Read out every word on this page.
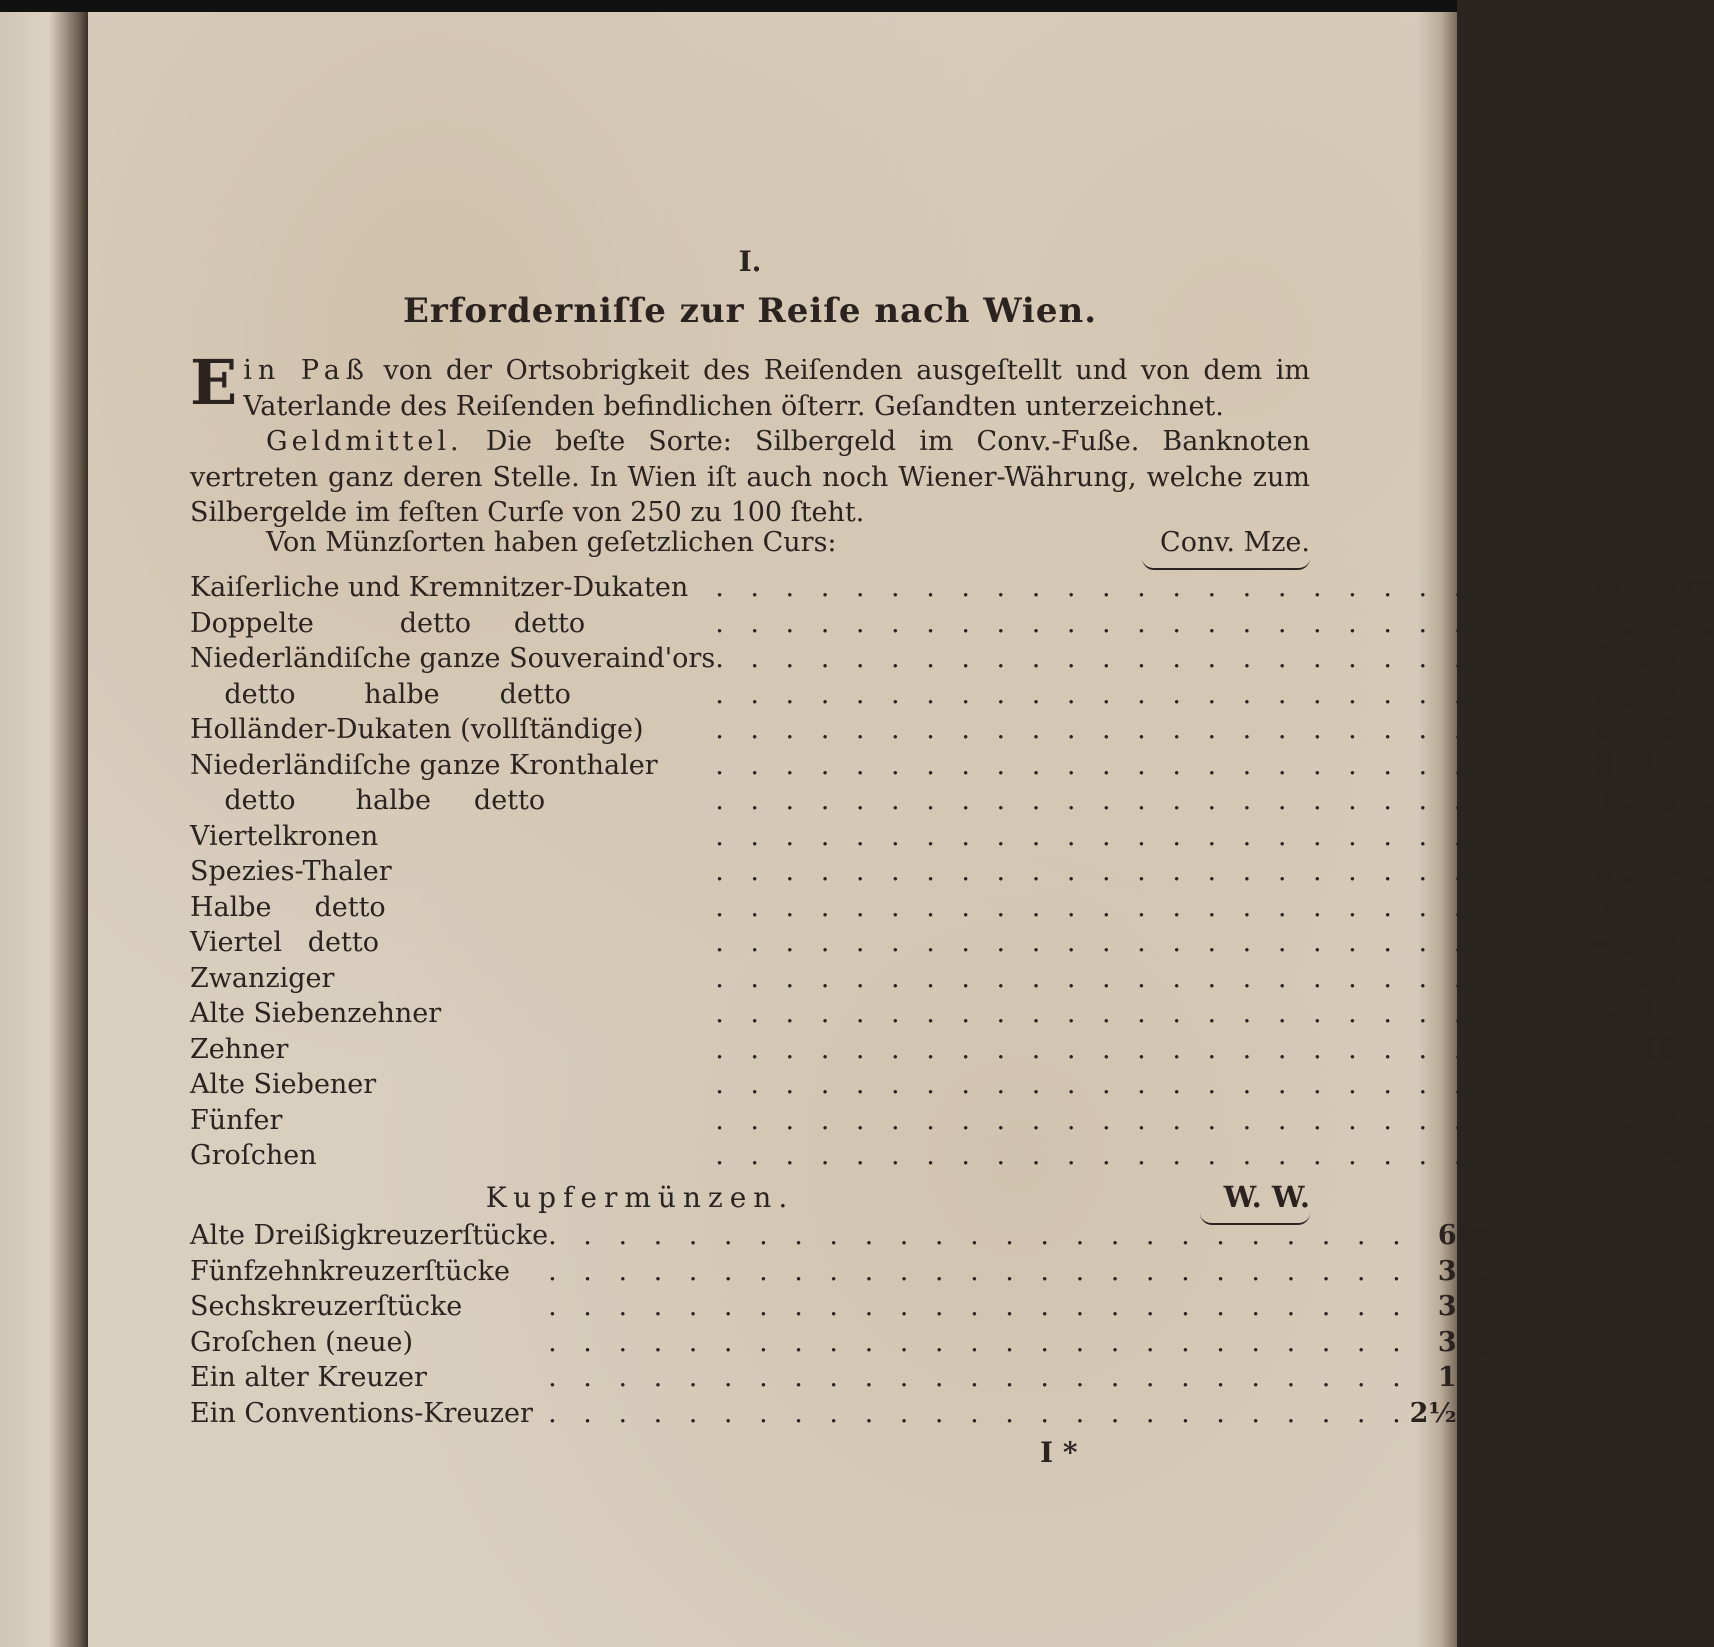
I.
Erforderniſſe zur Reiſe nach Wien.
Ein Paß von der Ortsobrigkeit des Reiſenden ausgeſtellt und von dem im Vaterlande des Reiſenden befindlichen öſterr. Geſandten unterzeichnet.
Geldmittel. Die beſte Sorte: Silbergeld im Conv.-Fuße. Banknoten vertreten ganz deren Stelle. In Wien iſt auch noch Wiener-Währung, welche zum Silbergelde im feſten Curſe von 250 zu 100 ſteht.
Von Münzſorten haben geſetzlichen Curs:	Conv. Mze.
Kaiſerliche und Kremnitzer-Dukaten	. . . . . . . . . . . . . . . . . . . . . . . . .	4	ſl.	30	kr.
Doppelte          detto     detto	. . . . . . . . . . . . . . . . . . . . . . . . .	9	„	—	„
Niederländiſche ganze Souveraind'ors	. . . . . . . . . . . . . . . . . . . . . . . . .	13	„	20	„
detto        halbe       detto	. . . . . . . . . . . . . . . . . . . . . . . . .	6	„	40	„
Holländer-Dukaten (vollſtändige)	. . . . . . . . . . . . . . . . . . . . . . . . .	4	„	30	„
Niederländiſche ganze Kronthaler	. . . . . . . . . . . . . . . . . . . . . . . . .	2	„	12	„
detto       halbe     detto	. . . . . . . . . . . . . . . . . . . . . . . . .	1	„	6	„
Viertelkronen	. . . . . . . . . . . . . . . . . . . . . . . . .	—	„	33	„
Spezies-Thaler	. . . . . . . . . . . . . . . . . . . . . . . . .	2	„	—	„
Halbe     detto	. . . . . . . . . . . . . . . . . . . . . . . . .	1	„	—	„
Viertel   detto	. . . . . . . . . . . . . . . . . . . . . . . . .	—	„	30	„
Zwanziger	. . . . . . . . . . . . . . . . . . . . . . . . .	—	„	20	„
Alte Siebenzehner	. . . . . . . . . . . . . . . . . . . . . . . . .	—	„	15	„
Zehner	. . . . . . . . . . . . . . . . . . . . . . . . .	—	„	10	„
Alte Siebener	. . . . . . . . . . . . . . . . . . . . . . . . .	—	„	6	„
Fünfer	. . . . . . . . . . . . . . . . . . . . . . . . .	—	„	5	„
Groſchen	. . . . . . . . . . . . . . . . . . . . . . . . .	—	„	3	„
Kupfermünzen.	W. W.
Alte Dreißigkreuzerſtücke	. . . . . . . . . . . . . . . . . . . . . . . . .	6	kr.
Fünfzehnkreuzerſtücke	. . . . . . . . . . . . . . . . . . . . . . . . .	3	„
Sechskreuzerſtücke	. . . . . . . . . . . . . . . . . . . . . . . . .	3	„
Groſchen (neue)	. . . . . . . . . . . . . . . . . . . . . . . . .	3	„
Ein alter Kreuzer	. . . . . . . . . . . . . . . . . . . . . . . . .	1	„
Ein Conventions-Kreuzer	. . . . . . . . . . . . . . . . . . . . . . . . .	2½	„
I *
